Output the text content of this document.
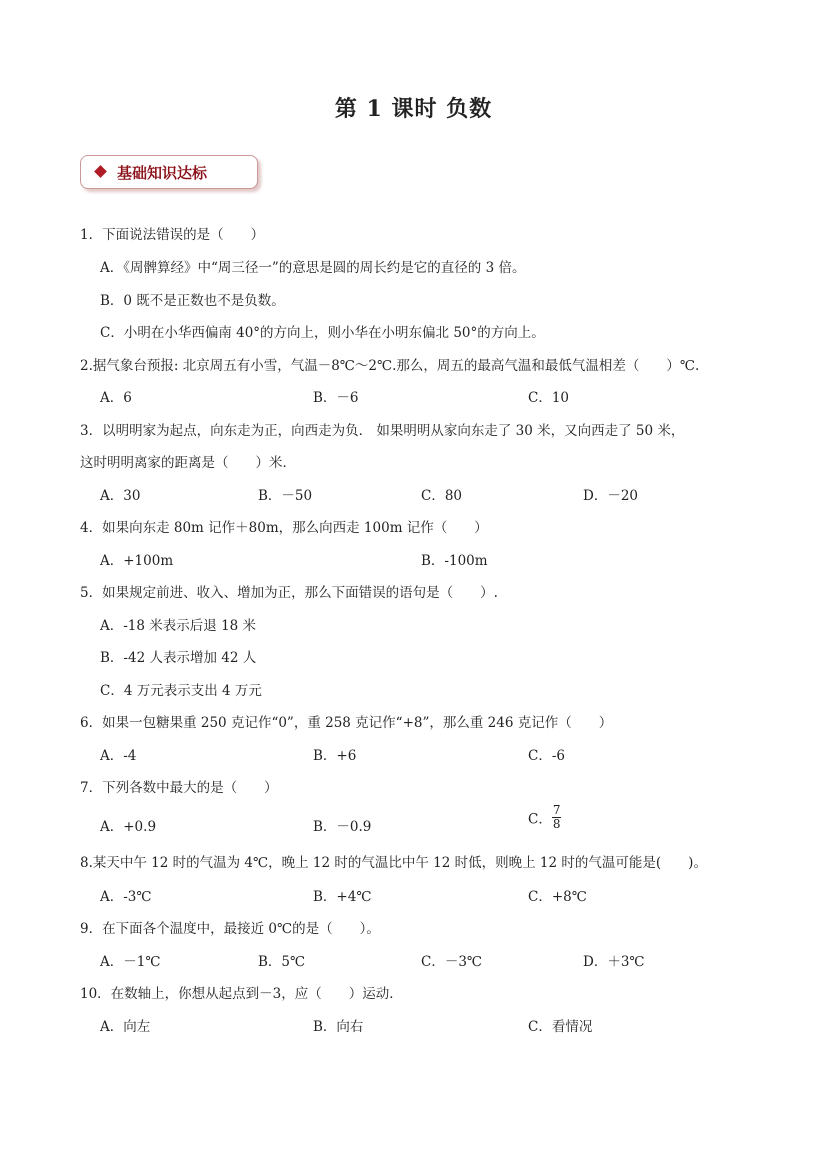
第 1 课时 负数
基础知识达标
1．下面说法错误的是（　　）
A．《周髀算经》中“周三径一”的意思是圆的周长约是它的直径的 3 倍。
B．0 既不是正数也不是负数。
C．小明在小华西偏南 40°的方向上，则小华在小明东偏北 50°的方向上。
2.据气象台预报: 北京周五有小雪，气温－8℃～2℃.那么，周五的最高气温和最低气温相差（　　）℃.
A．6	B．－6	C．10
3．以明明家为起点，向东走为正，向西走为负． 如果明明从家向东走了 30 米，又向西走了 50 米，
这时明明离家的距离是（　　）米．
A．30	B．－50	C．80	D．－20
4．如果向东走 80m 记作＋80m，那么向西走 100m 记作（　　）
A．+100m	B．-100m
5．如果规定前进、收入、增加为正，那么下面错误的语句是（　　）.
A．-18 米表示后退 18 米
B．-42 人表示增加 42 人
C．4 万元表示支出 4 万元
6．如果一包糖果重 250 克记作“0”，重 258 克记作“+8”，那么重 246 克记作（　　）
A．-4	B．+6	C．-6
7．下列各数中最大的是（　　）
A．+0.9	B．－0.9	C． $\frac{7}{8}$
8.某天中午 12 时的气温为 4℃，晚上 12 时的气温比中午 12 时低，则晚上 12 时的气温可能是(　　)。
A．-3℃	B．+4℃	C．+8℃
9．在下面各个温度中，最接近 0℃的是（　　）。
A．－1℃	B．5℃	C．－3℃	D．＋3℃
10．在数轴上，你想从起点到－3，应（　　）运动．
A．向左	B．向右	C．看情况
